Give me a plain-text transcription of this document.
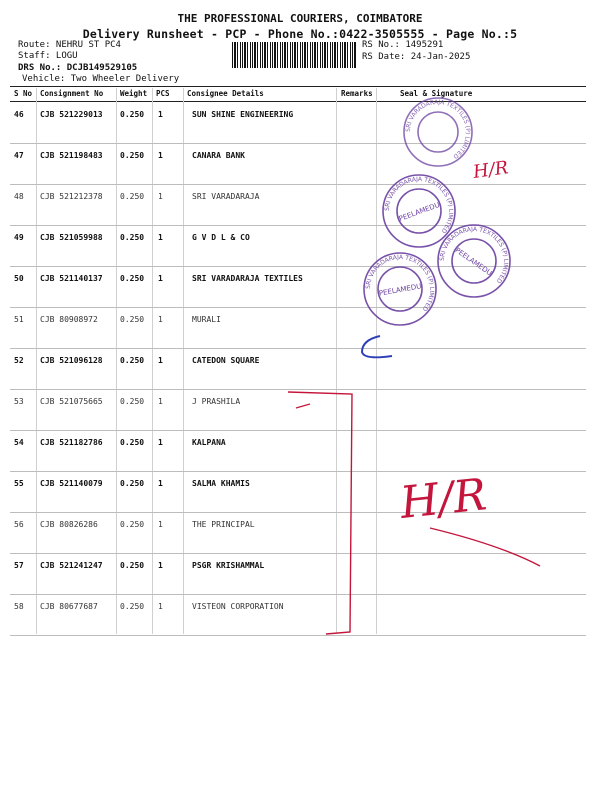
THE PROFESSIONAL COURIERS, COIMBATORE
Delivery Runsheet - PCP - Phone No.:0422-3505555 - Page No.:5
Route: NEHRU ST PC4
Staff: LOGU
DRS No.: DCJB149529105
Vehicle: Two Wheeler Delivery
RS No.: 1495291
RS Date: 24-Jan-2025
S No Consignment No Weight PCS Consignee Details	Remarks	Seal & Signature
46 CJB 521229013 0.250 1	SUN SHINE ENGINEERING
47 CJB 521198483 0.250 1	CANARA BANK
48 CJB 521212378 0.250 1	SRI VARADARAJA
49 CJB 521059988 0.250 1	G V D L & CO
50 CJB 521140137 0.250 1	SRI VARADARAJA TEXTILES
51 CJB 80908972	0.250 1	MURALI
52 CJB 521096128 0.250 1	CATEDON SQUARE
53 CJB 521075665 0.250 1	J PRASHILA
54 CJB 521182786 0.250 1	KALPANA
55 CJB 521140079 0.250 1	SALMA KHAMIS
56 CJB 80826286	0.250 1	THE PRINCIPAL
57 CJB 521241247 0.250 1	PSGR KRISHAMMAL
58 CJB 80677687	0.250 1	VISTEON CORPORATION
SRI VARADARAJA TEXTILES (P) LIMITED
SRI VARADARAJA TEXTILES (P) LIMITED
PEELAMEDU
SRI VARADARAJA TEXTILES (P) LIMITED
PEELAMEDU
SRI VARADARAJA TEXTILES (P) LIMITED
PEELAMEDU
H/R
H/R
